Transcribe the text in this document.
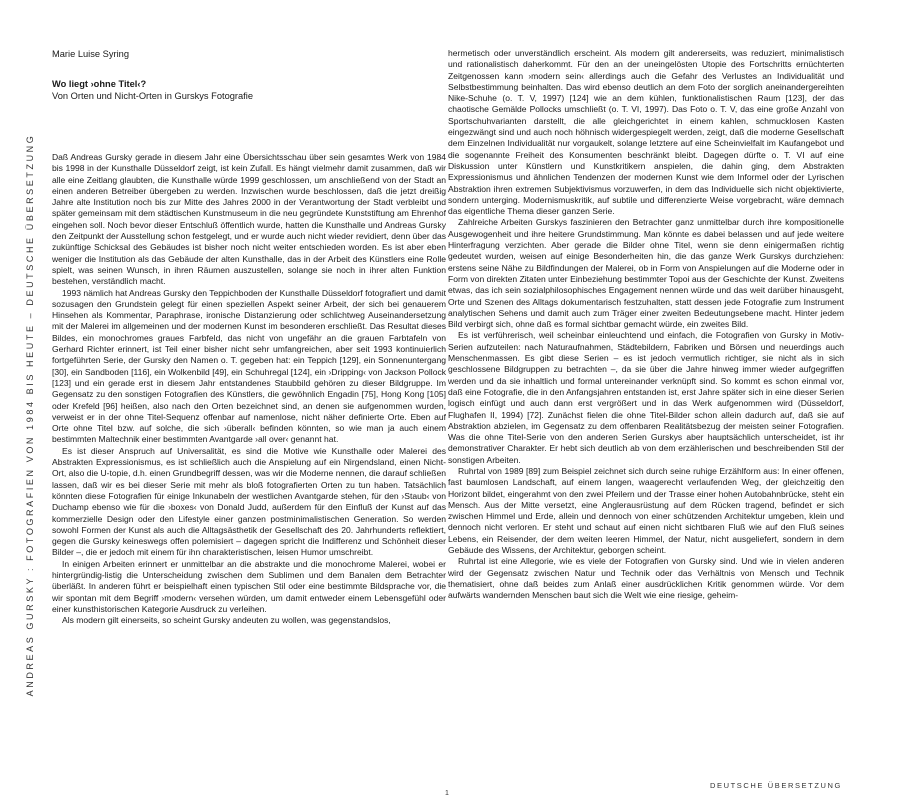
ANDREAS GURSKY : FOTOGRAFIEN VON 1984 BIS HEUTE – DEUTSCHE ÜBERSETZUNG

Marie Luise Syring

Wo liegt ›ohne Titel‹?

Von Orten und Nicht-Orten in Gurskys Fotografie

Daß Andreas Gursky gerade in diesem Jahr eine Übersichtsschau über sein gesamtes Werk von 1984 bis 1998 in der Kunsthalle Düsseldorf zeigt, ist kein Zufall. Es hängt vielmehr damit zusammen, daß wir alle eine Zeitlang glaubten, die Kunsthalle würde 1999 geschlossen, um anschließend von der Stadt an einen anderen Betreiber übergeben zu werden. Inzwischen wurde beschlossen, daß die jetzt dreißig Jahre alte Institution noch bis zur Mitte des Jahres 2000 in der Verantwortung der Stadt verbleibt und später gemeinsam mit dem städtischen Kunstmuseum in die neu gegründete Kunststiftung am Ehrenhof eingehen soll. Noch bevor dieser Entschluß öffentlich wurde, hatten die Kunsthalle und Andreas Gursky den Zeitpunkt der Ausstellung schon festgelegt, und er wurde auch nicht wieder revidiert, denn über das zukünftige Schicksal des Gebäudes ist bisher noch nicht weiter entschieden worden. Es ist aber eben weniger die Institution als das Gebäude der alten Kunsthalle, das in der Arbeit des Künstlers eine Rolle spielt, was seinen Wunsch, in ihren Räumen auszustellen, solange sie noch in ihrer alten Funktion bestehen, verständlich macht.

1993 nämlich hat Andreas Gursky den Teppichboden der Kunsthalle Düsseldorf fotografiert und damit sozusagen den Grundstein gelegt für einen speziellen Aspekt seiner Arbeit, der sich bei genauerem Hinsehen als Kommentar, Paraphrase, ironische Distanzierung oder schlichtweg Auseinandersetzung mit der Malerei im allgemeinen und der modernen Kunst im besonderen erschließt. Das Resultat dieses Bildes, ein monochromes graues Farbfeld, das nicht von ungefähr an die grauen Farbtafeln von Gerhard Richter erinnert, ist Teil einer bisher nicht sehr umfangreichen, aber seit 1993 kontinuierlich fortgeführten Serie, der Gursky den Namen o. T. gegeben hat: ein Teppich [129], ein Sonnenuntergang [30], ein Sandboden [116], ein Wolkenbild [49], ein Schuhregal [124], ein ›Dripping‹ von Jackson Pollock [123] und ein gerade erst in diesem Jahr entstandenes Staubbild gehören zu dieser Bildgruppe. Im Gegensatz zu den sonstigen Fotografien des Künstlers, die gewöhnlich Engadin [75], Hong Kong [105] oder Krefeld [96] heißen, also nach den Orten bezeichnet sind, an denen sie aufgenommen wurden, verweist er in der ohne Titel-Sequenz offenbar auf namenlose, nicht näher definierte Orte. Eben auf Orte ohne Titel bzw. auf solche, die sich ›überall‹ befinden könnten, so wie man ja auch einem bestimmten Maltechnik einer bestimmten Avantgarde ›all over‹ genannt hat.

Es ist dieser Anspruch auf Universalität, es sind die Motive wie Kunsthalle oder Malerei des Abstrakten Expressionismus, es ist schließlich auch die Anspielung auf ein Nirgendsland, einen Nicht-Ort, also die U-topie, d.h. einen Grundbegriff dessen, was wir die Moderne nennen, die darauf schließen lassen, daß wir es bei dieser Serie mit mehr als bloß fotografierten Orten zu tun haben. Tatsächlich könnten diese Fotografien für einige Inkunabeln der westlichen Avantgarde stehen, für den ›Staub‹ von Duchamp ebenso wie für die ›boxes‹ von Donald Judd, außerdem für den Einfluß der Kunst auf das kommerzielle Design oder den Lifestyle einer ganzen postminimalistischen Generation. So werden sowohl Formen der Kunst als auch die Alltagsästhetik der Gesellschaft des 20. Jahrhunderts reflektiert, gegen die Gursky keineswegs offen polemisiert – dagegen spricht die Indifferenz und Schönheit dieser Bilder –, die er jedoch mit einem für ihn charakteristischen, leisen Humor umschreibt.

In einigen Arbeiten erinnert er unmittelbar an die abstrakte und die monochrome Malerei, wobei er hintergründig-listig die Unterscheidung zwischen dem Sublimen und dem Banalen dem Betrachter überläßt. In anderen führt er beispielhaft einen typischen Stil oder eine bestimmte Bildsprache vor, die wir spontan mit dem Begriff ›modern‹ versehen würden, um damit entweder einem Lebensgefühl oder einer kunsthistorischen Kategorie Ausdruck zu verleihen.

Als modern gilt einerseits, so scheint Gursky andeuten zu wollen, was gegenstandslos,

hermetisch oder unverständlich erscheint. Als modern gilt andererseits, was reduziert, minimalistisch und rationalistisch daherkommt. Für den an der uneingelösten Utopie des Fortschritts ernüchterten Zeitgenossen kann ›modern sein‹ allerdings auch die Gefahr des Verlustes an Individualität und Selbstbestimmung beinhalten. Das wird ebenso deutlich an dem Foto der sorglich aneinandergereihten Nike-Schuhe (o. T. V, 1997) [124] wie an dem kühlen, funktionalistischen Raum [123], der das chaotische Gemälde Pollocks umschließt (o. T. VI, 1997). Das Foto o. T. V, das eine große Anzahl von Sportschuhvarianten darstellt, die alle gleichgerichtet in einem kahlen, schmucklosen Kasten eingezwängt sind und auch noch höhnisch widergespiegelt werden, zeigt, daß die moderne Gesellschaft dem Einzelnen Individualität nur vorgaukelt, solange letztere auf eine Scheinvielfalt im Kaufangebot und die sogenannte Freiheit des Konsumenten beschränkt bleibt. Dagegen dürfte o. T. VI auf eine Diskussion unter Künstlern und Kunstkritikern anspielen, die dahin ging, dem Abstrakten Expressionismus und ähnlichen Tendenzen der modernen Kunst wie dem Informel oder der Lyrischen Abstraktion ihren extremen Subjektivismus vorzuwerfen, in dem das Individuelle sich nicht objektivierte, sondern unterging. Modernismuskritik, auf subtile und differenzierte Weise vorgebracht, wäre demnach das eigentliche Thema dieser ganzen Serie.

Zahlreiche Arbeiten Gurskys faszinieren den Betrachter ganz unmittelbar durch ihre kompositionelle Ausgewogenheit und ihre heitere Grundstimmung. Man könnte es dabei belassen und auf jede weitere Hinterfragung verzichten. Aber gerade die Bilder ohne Titel, wenn sie denn einigermaßen richtig gedeutet wurden, weisen auf einige Besonderheiten hin, die das ganze Werk Gurskys durchziehen: erstens seine Nähe zu Bildfindungen der Malerei, ob in Form von Anspielungen auf die Moderne oder in Form von direkten Zitaten unter Einbeziehung bestimmter Topoi aus der Geschichte der Kunst. Zweitens etwas, das ich sein sozialphilosophisches Engagement nennen würde und das weit darüber hinausgeht, Orte und Szenen des Alltags dokumentarisch festzuhalten, statt dessen jede Fotografie zum Instrument analytischen Sehens und damit auch zum Träger einer zweiten Bedeutungsebene macht. Hinter jedem Bild verbirgt sich, ohne daß es formal sichtbar gemacht würde, ein zweites Bild.

Es ist verführerisch, weil scheinbar einleuchtend und einfach, die Fotografien von Gursky in Motiv-Serien aufzuteilen: nach Naturaufnahmen, Städtebildern, Fabriken und Börsen und neuerdings auch Menschenmassen. Es gibt diese Serien – es ist jedoch vermutlich richtiger, sie nicht als in sich geschlossene Bildgruppen zu betrachten –, da sie über die Jahre hinweg immer wieder aufgegriffen werden und da sie inhaltlich und formal untereinander verknüpft sind. So kommt es schon einmal vor, daß eine Fotografie, die in den Anfangsjahren entstanden ist, erst Jahre später sich in eine dieser Serien logisch einfügt und auch dann erst vergrößert und in das Werk aufgenommen wird (Düsseldorf, Flughafen II, 1994) [72]. Zunächst fielen die ohne Titel-Bilder schon allein dadurch auf, daß sie auf Abstraktion abzielen, im Gegensatz zu dem offenbaren Realitätsbezug der meisten seiner Fotografien. Was die ohne Titel-Serie von den anderen Serien Gurskys aber hauptsächlich unterscheidet, ist ihr demonstrativer Charakter. Er hebt sich deutlich ab von dem erzählerischen und beschreibenden Stil der sonstigen Arbeiten.

Ruhrtal von 1989 [89] zum Beispiel zeichnet sich durch seine ruhige Erzählform aus: In einer offenen, fast baumlosen Landschaft, auf einem langen, waagerecht verlaufenden Weg, der gleichzeitig den Horizont bildet, eingerahmt von den zwei Pfeilern und der Trasse einer hohen Autobahnbrücke, steht ein Mensch. Aus der Mitte versetzt, eine Anglerausrüstung auf dem Rücken tragend, befindet er sich zwischen Himmel und Erde, allein und dennoch von einer schützenden Architektur umgeben, klein und dennoch nicht verloren. Er steht und schaut auf einen nicht sichtbaren Fluß wie auf den Fluß seines Lebens, ein Reisender, der dem weiten leeren Himmel, der Natur, nicht ausgeliefert, sondern in dem Gebäude des Wissens, der Architektur, geborgen scheint.

Ruhrtal ist eine Allegorie, wie es viele der Fotografien von Gursky sind. Und wie in vielen anderen wird der Gegensatz zwischen Natur und Technik oder das Verhältnis von Mensch und Technik thematisiert, ohne daß beides zum Anlaß einer ausdrücklichen Kritik genommen würde. Vor dem aufwärts wandernden Menschen baut sich die Welt wie eine riesige, geheim-

1
DEUTSCHE ÜBERSETZUNG
